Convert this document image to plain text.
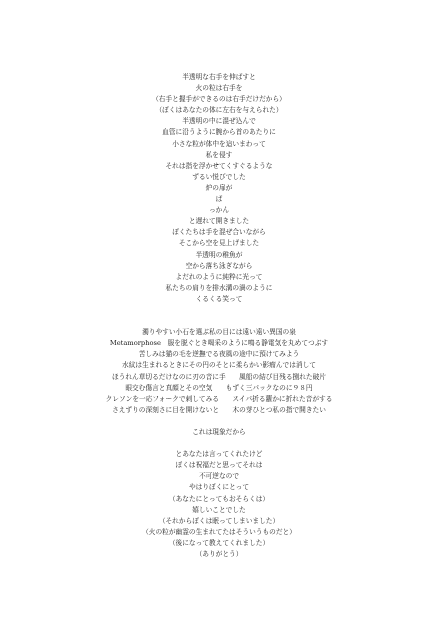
半透明な右手を伸ばすと
火の粒は右手を
（右手と握手ができるのは右手だけだから）
（ぼくはあなたの体に左右を与えられた）
半透明の中に混ぜ込んで
血管に沿うように腕から首のあたりに
小さな粒が体中を這いまわって
私を侵す
それは指を浮かせてくすぐるような
ずるい悦びでした
炉の扉が
ぱ
っかん
と遅れて開きました
ぼくたちは手を混ぜ合いながら
そこから空を見上げました
半透明の稚魚が
空から落ち泳ぎながら
よだれのように純粋に光って
私たちの肩りを排水溝の渦のように
くるくる笑って
濁りやすい小石を選ぶ私の目には遠い遠い異国の泉
Metamorphose　服を脱ぐとき喝采のように鳴る静電気を丸めてつぶす
苦しみは猫の毛を逆撫でる夜風の途中に預けてみよう
水紋は生まれるときにその円のそとに柔らかい影瘤んでは消して
ほうれん草切るだけなのに刃の音に手　　風船の結び目残る捌れた破片
眼交む傷言と真顔とその空気　　もずく三パックなのに９８円
クレソンを一応フォークで刺してみる　　スイパ折る蘿かに折れた音がする
さえずりの深刻さに目を開けないと　　木の芽ひとつ私の指で開きたい
これは現象だから
とあなたは言ってくれたけど
ぼくは祝福だと思ってそれは
不可逆なので
やはりぼくにとって
（あなたにとってもおそらくは）
嬉しいことでした
（それからぼくは眠ってしまいました）
（火の粒が幽霊の生まれてたはそういうものだと）
（後になって教えてくれました）
（ありがとう）
